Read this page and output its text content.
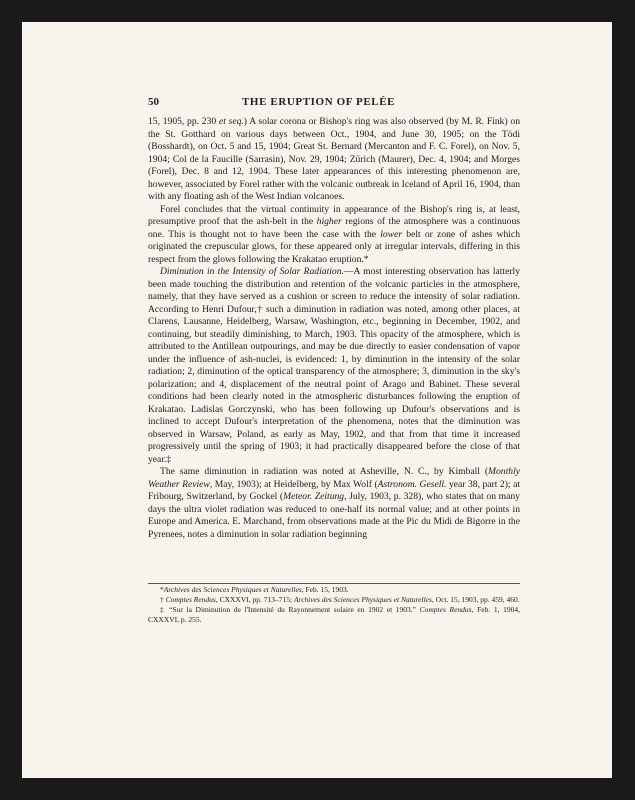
50	THE ERUPTION OF PELÉE

15, 1905, pp. 230 et seq.) A solar corona or Bishop's ring was also observed (by M. R. Fink) on the St. Gotthard on various days between Oct., 1904, and June 30, 1905; on the Tödi (Bosshardt), on Oct. 5 and 15, 1904; Great St. Bernard (Mercanton and F. C. Forel), on Nov. 5, 1904; Col de la Faucille (Sarrasin), Nov. 29, 1904; Zürich (Maurer), Dec. 4, 1904; and Morges (Forel), Dec. 8 and 12, 1904. These later appearances of this interesting phenomenon are, however, associated by Forel rather with the volcanic outbreak in Iceland of April 16, 1904, than with any floating ash of the West Indian volcanoes.

Forel concludes that the virtual continuity in appearance of the Bishop's ring is, at least, presumptive proof that the ash-belt in the higher regions of the atmosphere was a continuous one. This is thought not to have been the case with the lower belt or zone of ashes which originated the crepuscular glows, for these appeared only at irregular intervals, differing in this respect from the glows following the Krakatao eruption.*

Diminution in the Intensity of Solar Radiation.—A most interesting observation has latterly been made touching the distribution and retention of the volcanic particles in the atmosphere, namely, that they have served as a cushion or screen to reduce the intensity of solar radiation. According to Henri Dufour,† such a diminution in radiation was noted, among other places, at Clarens, Lausanne, Heidelberg, Warsaw, Washington, etc., beginning in December, 1902, and continuing, but steadily diminishing, to March, 1903. This opacity of the atmosphere, which is attributed to the Antillean outpourings, and may be due directly to easier condensation of vapor under the influence of ash-nuclei, is evidenced: 1, by diminution in the intensity of the solar radiation; 2, diminution of the optical transparency of the atmosphere; 3, diminution in the sky's polarization; and 4, displacement of the neutral point of Arago and Babinet. These several conditions had been clearly noted in the atmospheric disturbances following the eruption of Krakatao. Ladislas Gorczynski, who has been following up Dufour's observations and is inclined to accept Dufour's interpretation of the phenomena, notes that the diminution was observed in Warsaw, Poland, as early as May, 1902, and that from that time it increased progressively until the spring of 1903; it had practically disappeared before the close of that year.‡

The same diminution in radiation was noted at Asheville, N. C., by Kimball (Monthly Weather Review, May, 1903); at Heidelberg, by Max Wolf (Astronom. Gesell. year 38, part 2); at Fribourg, Switzerland, by Gockel (Meteor. Zeitung, July, 1903, p. 328), who states that on many days the ultra violet radiation was reduced to one-half its normal value; and at other points in Europe and America. E. Marchand, from observations made at the Pic du Midi de Bigorre in the Pyrenees, notes a diminution in solar radiation beginning

*Archives des Sciences Physiques et Naturelles, Feb. 15, 1903.

† Comptes Rendus, CXXXVI, pp. 713–715; Archives des Sciences Physiques et Naturelles, Oct. 15, 1903, pp. 459, 460.

‡ “Sur la Diminution de l'Intensité du Rayonnement solaire en 1902 et 1903.” Comptes Rendus, Feb. 1, 1904, CXXXVI, p. 255.
